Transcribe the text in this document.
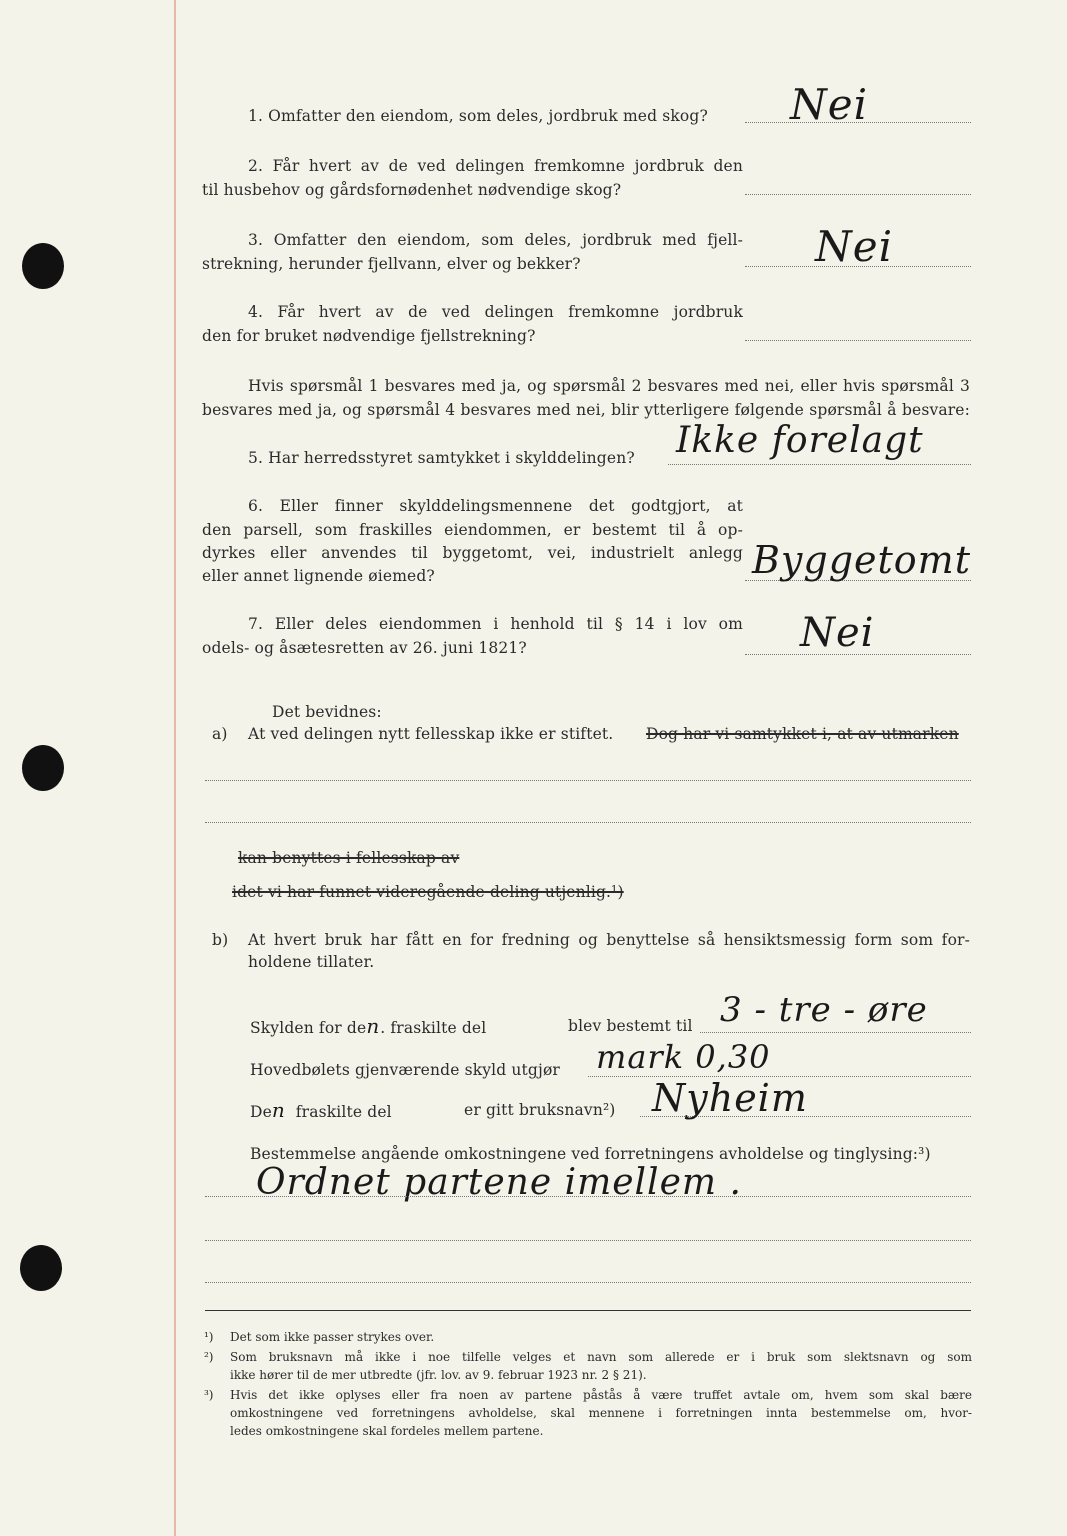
1. Omfatter den eiendom, som deles, jordbruk med skog? Nei
2. Får hvert av de ved delingen fremkomne jordbruk den
til husbehov og gårdsfornødenhet nødvendige skog?
3. Omfatter den eiendom, som deles, jordbruk med fjell-
strekning, herunder fjellvann, elver og bekker?	Nei
4. Får hvert av de ved delingen fremkomne jordbruk
den for bruket nødvendige fjellstrekning?
Hvis spørsmål 1 besvares med ja, og spørsmål 2 besvares med nei, eller hvis spørsmål 3
besvares med ja, og spørsmål 4 besvares med nei, blir ytterligere følgende spørsmål å besvare:
5. Har herredsstyret samtykket i skylddelingen? Ikke forelagt
6. Eller finner skylddelingsmennene det godtgjort, at
den parsell, som fraskilles eiendommen, er bestemt til å op-
dyrkes eller anvendes til byggetomt, vei, industrielt anlegg
eller annet lignende øiemed?	Byggetomt
7. Eller deles eiendommen i henhold til § 14 i lov om
odels- og åsætesretten av 26. juni 1821?	Nei
Det bevidnes:
a) At ved delingen nytt fellesskap ikke er stiftet. Dog har vi samtykket i, at av utmarken
kan benyttes i fellesskap av
idet vi har funnet videregående deling utjenlig.¹)
b) At hvert bruk har fått en for fredning og benyttelse så hensiktsmessig form som for-
holdene tillater.
Skylden for den. fraskilte del	blev bestemt til 3 - tre - øre
Hovedbølets gjenværende skyld utgjør mark 0,30
Den fraskilte del	er gitt bruksnavn²) Nyheim
Bestemmelse angående omkostningene ved forretningens avholdelse og tinglysing:³)
Ordnet partene imellem .
¹) Det som ikke passer strykes over.
²) Som bruksnavn må ikke i noe tilfelle velges et navn som allerede er i bruk som slektsnavn og som
ikke hører til de mer utbredte (jfr. lov. av 9. februar 1923 nr. 2 § 21).
³) Hvis det ikke oplyses eller fra noen av partene påstås å være truffet avtale om, hvem som skal bære
omkostningene ved forretningens avholdelse, skal mennene i forretningen innta bestemmelse om, hvor-
ledes omkostningene skal fordeles mellem partene.
